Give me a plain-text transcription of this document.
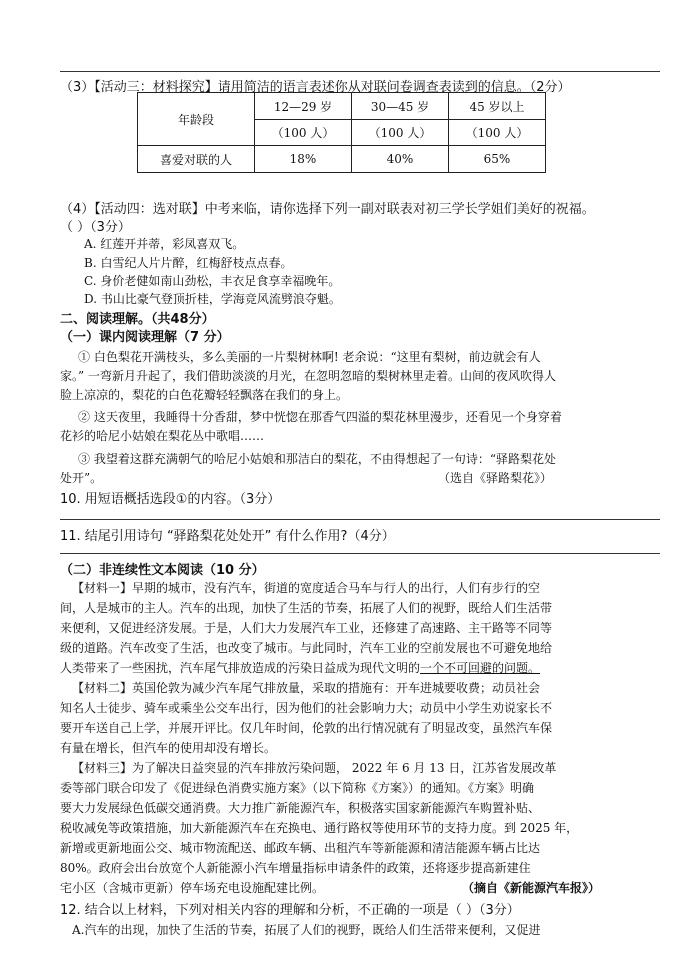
（3）【活动三：材料探究】请用简洁的语言表述你从对联问卷调查表读到的信息。（2分）
年龄段	12—29 岁	30—45 岁	45 岁以上
	（100 人）	（100 人）	（100 人）
喜爱对联的人	18%	40%	65%
（4）【活动四：选对联】中考来临，请你选择下列一副对联表对初三学长学姐们美好的祝福。
（ ）（3分）
A. 红莲开并蒂，彩凤喜双飞。
B. 白雪纪人片片醉，红梅舒枝点点春。
C. 身价老健如南山劲松，丰衣足食享幸福晚年。
D. 书山比豪气登顶折桂，学海竞风流劈浪夺魁。
二、阅读理解。（共48分）
（一）课内阅读理解（7 分）
① 白色梨花开满枝头，多么美丽的一片梨树林啊! 老余说：“这里有梨树，前边就会有人
家。” 一弯新月升起了，我们借助淡淡的月光，在忽明忽暗的梨树林里走着。山间的夜风吹得人
脸上凉凉的，梨花的白色花瓣轻轻飘落在我们的身上。
② 这天夜里，我睡得十分香甜，梦中恍惚在那香气四溢的梨花林里漫步，还看见一个身穿着
花衫的哈尼小姑娘在梨花丛中歌唱……
③ 我望着这群充满朝气的哈尼小姑娘和那洁白的梨花，不由得想起了一句诗：“驿路梨花处
处开”。	（选自《驿路梨花》）
10. 用短语概括选段①的内容。（3分）
11. 结尾引用诗句 “驿路梨花处处开” 有什么作用?（4分）
（二）非连续性文本阅读（10 分）
【材料一】早期的城市，没有汽车，街道的宽度适合马车与行人的出行，人们有步行的空
间，人是城市的主人。汽车的出现，加快了生活的节奏，拓展了人们的视野，既给人们生活带
来便利，又促进经济发展。于是，人们大力发展汽车工业，还修建了高速路、主干路等不同等
级的道路。汽车改变了生活，也改变了城市。与此同时，汽车工业的空前发展也不可避免地给
人类带来了一些困扰，汽车尾气排放造成的污染日益成为现代文明的一个不可回避的问题。
【材料二】英国伦敦为减少汽车尾气排放量，采取的措施有：开车进城要收费；动员社会
知名人士徒步、骑车或乘坐公交车出行，因为他们的社会影响力大；动员中小学生劝说家长不
要开车送自己上学，并展开评比。仅几年时间，伦敦的出行情况就有了明显改变，虽然汽车保
有量在增长，但汽车的使用却没有增长。
【材料三】为了解决日益突显的汽车排放污染问题， 2022 年 6 月 13 日，江苏省发展改革
委等部门联合印发了《促进绿色消费实施方案》（以下简称《方案》）的通知。《方案》明确
要大力发展绿色低碳交通消费。大力推广新能源汽车，积极落实国家新能源汽车购置补贴、
税收减免等政策措施，加大新能源汽车在充换电、通行路权等使用环节的支持力度。到 2025 年，
新增或更新地面公交、城市物流配送、邮政车辆、出租汽车等新能源和清洁能源车辆占比达
80%。政府会出台放宽个人新能源小汽车增量指标申请条件的政策，还将逐步提高新建住
宅小区（含城市更新）停车场充电设施配建比例。	（摘自《新能源汽车报》）
12. 结合以上材料，下列对相关内容的理解和分析，不正确的一项是（ ）（3分）
A.汽车的出现，加快了生活的节奏，拓展了人们的视野，既给人们生活带来便利，又促进
